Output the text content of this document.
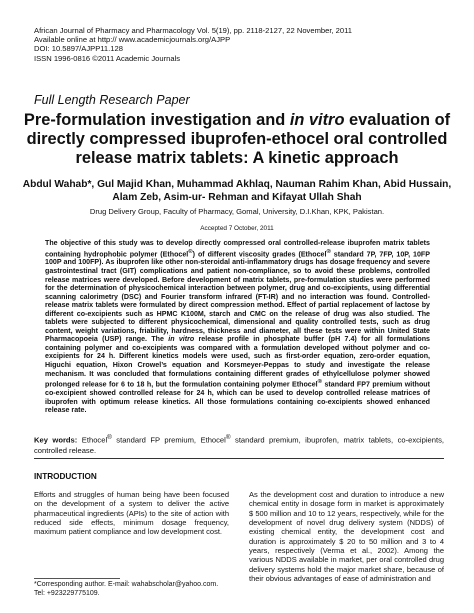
African Journal of Pharmacy and Pharmacology Vol. 5(19), pp. 2118-2127, 22 November, 2011
Available online at http:// www.academicjournals.org/AJPP
DOI: 10.5897/AJPP11.128
ISSN 1996-0816 ©2011 Academic Journals
Full Length Research Paper
Pre-formulation investigation and in vitro evaluation of directly compressed ibuprofen-ethocel oral controlled release matrix tablets: A kinetic approach
Abdul Wahab*, Gul Majid Khan, Muhammad Akhlaq, Nauman Rahim Khan, Abid Hussain, Alam Zeb, Asim-ur- Rehman and Kifayat Ullah Shah
Drug Delivery Group, Faculty of Pharmacy, Gomal, University, D.I.Khan, KPK, Pakistan.
Accepted 7 October, 2011
The objective of this study was to develop directly compressed oral controlled-release ibuprofen matrix tablets containing hydrophobic polymer (Ethocel®) of different viscosity grades (Ethocel® standard 7P, 7FP, 10P, 10FP 100P and 100FP). As ibuprofen like other non-steroidal anti-inflammatory drugs has dosage frequency and severe gastrointestinal tract (GIT) complications and patient non-compliance, so to avoid these problems, controlled release matrices were developed. Before development of matrix tablets, pre-formulation studies were performed for the determination of physicochemical interaction between polymer, drug and co-excipients, using differential scanning calorimetry (DSC) and Fourier transform infrared (FT-IR) and no interaction was found. Controlled-release matrix tablets were formulated by direct compression method. Effect of partial replacement of lactose by different co-excipients such as HPMC K100M, starch and CMC on the release of drug was also studied. The tablets were subjected to different physicochemical, dimensional and quality controlled tests, such as drug content, weight variations, friability, hardness, thickness and diameter, all these tests were within United State Pharmacopoeia (USP) range. The in vitro release profile in phosphate buffer (pH 7.4) for all formulations containing polymer and co-excipients was compared with a formulation developed without polymer and co-excipients for 24 h. Different kinetics models were used, such as first-order equation, zero-order equation, Higuchi equation, Hixon Crowel’s equation and Korsmeyer-Peppas to study and investigate the release mechanism. It was concluded that formulations containing different grades of ethylcellulose polymer showed prolonged release for 6 to 18 h, but the formulation containing polymer Ethocel® standard FP7 premium without co-excipient showed controlled release for 24 h, which can be used to develop controlled release matrices of ibuprofen with optimum release kinetics. All those formulations containing co-excipients showed enhanced release rate.
Key words: Ethocel® standard FP premium, Ethocel® standard premium, ibuprofen, matrix tablets, co-excipients, controlled release.
INTRODUCTION
Efforts and struggles of human being have been focused on the development of a system to deliver the active pharmaceutical ingredients (APIs) to the site of action with reduced side effects, minimum dosage frequency, maximum patient compliance and low development cost.
As the development cost and duration to introduce a new chemical entity in dosage form in market is approximately $ 500 million and 10 to 12 years, respectively, while for the development of novel drug delivery system (NDDS) of existing chemical entity, the development cost and duration is approximately $ 20 to 50 million and 3 to 4 years, respectively (Verma et al., 2002). Among the various NDDS available in market, per oral controlled drug delivery systems hold the major market share, because of their obvious advantages of ease of administration and
*Corresponding author. E-mail: wahabscholar@yahoo.com. Tel: +923229775109.
